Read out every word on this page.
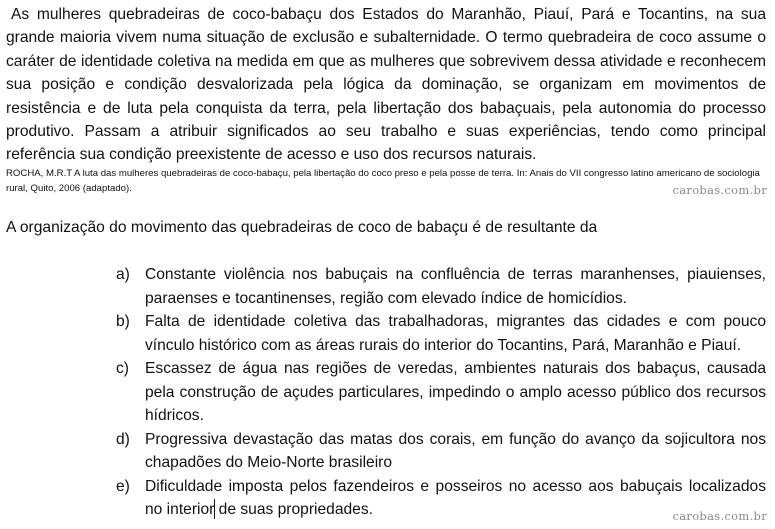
As mulheres quebradeiras de coco-babaçu dos Estados do Maranhão, Piauí, Pará e Tocantins, na sua grande maioria vivem numa situação de exclusão e subalternidade. O termo quebradeira de coco assume o caráter de identidade coletiva na medida em que as mulheres que sobrevivem dessa atividade e reconhecem sua posição e condição desvalorizada pela lógica da dominação, se organizam em movimentos de resistência e de luta pela conquista da terra, pela libertação dos babaçuais, pela autonomia do processo produtivo. Passam a atribuir significados ao seu trabalho e suas experiências, tendo como principal referência sua condição preexistente de acesso e uso dos recursos naturais.

ROCHA, M.R.T A luta das mulheres quebradeiras de coco-babaçu, pela libertação do coco preso e pela posse de terra. In: Anais do VII congresso latino americano de sociologia rural, Quito, 2006 (adaptado).	carobas.com.br

A organização do movimento das quebradeiras de coco de babaçu é de resultante da

a) Constante violência nos babuçais na confluência de terras maranhenses, piauienses, paraenses e tocantinenses, região com elevado índice de homicídios.
b) Falta de identidade coletiva das trabalhadoras, migrantes das cidades e com pouco vínculo histórico com as áreas rurais do interior do Tocantins, Pará, Maranhão e Piauí.
c)	Escassez de água nas regiões de veredas, ambientes naturais dos babaçus, causada pela construção de açudes particulares, impedindo o amplo acesso público dos recursos hídricos.
d) Progressiva devastação das matas dos corais, em função do avanço da sojicultora nos chapadões do Meio-Norte brasileiro
e) Dificuldade imposta pelos fazendeiros e posseiros no acesso aos babuçais localizados no interior de suas propriedades.	carobas.com.br
